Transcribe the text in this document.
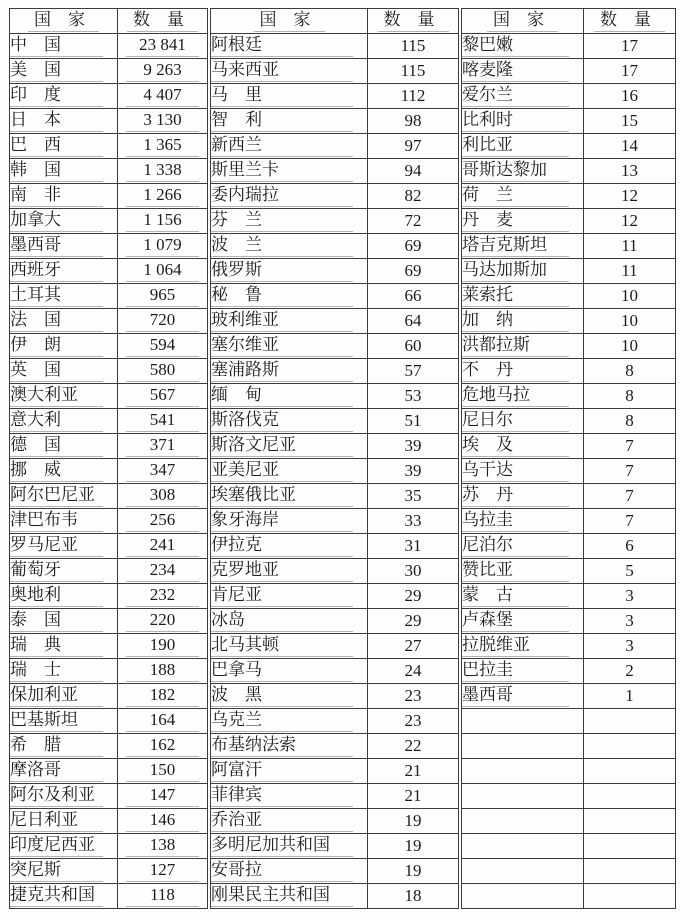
国　家	数　量
中　国	23 841
美　国	9 263
印　度	4 407
日　本	3 130
巴　西	1 365
韩　国	1 338
南　非	1 266
加拿大	1 156
墨西哥	1 079
西班牙	1 064
土耳其	965
法　国	720
伊　朗	594
英　国	580
澳大利亚	567
意大利	541
德　国	371
挪　威	347
阿尔巴尼亚	308
津巴布韦	256
罗马尼亚	241
葡萄牙	234
奥地利	232
泰　国	220
瑞　典	190
瑞　士	188
保加利亚	182
巴基斯坦	164
希　腊	162
摩洛哥	150
阿尔及利亚	147
尼日利亚	146
印度尼西亚	138
突尼斯	127
捷克共和国	118
国　家	数　量
阿根廷	115
马来西亚	115
马　里	112
智　利	98
新西兰	97
斯里兰卡	94
委内瑞拉	82
芬　兰	72
波　兰	69
俄罗斯	69
秘　鲁	66
玻利维亚	64
塞尔维亚	60
塞浦路斯	57
缅　甸	53
斯洛伐克	51
斯洛文尼亚	39
亚美尼亚	39
埃塞俄比亚	35
象牙海岸	33
伊拉克	31
克罗地亚	30
肯尼亚	29
冰岛	29
北马其顿	27
巴拿马	24
波　黑	23
乌克兰	23
布基纳法索	22
阿富汗	21
菲律宾	21
乔治亚	19
多明尼加共和国	19
安哥拉	19
刚果民主共和国	18
国　家	数　量
黎巴嫩	17
喀麦隆	17
爱尔兰	16
比利时	15
利比亚	14
哥斯达黎加	13
荷　兰	12
丹　麦	12
塔吉克斯坦	11
马达加斯加	11
莱索托	10
加　纳	10
洪都拉斯	10
不　丹	8
危地马拉	8
尼日尔	8
埃　及	7
乌干达	7
苏　丹	7
乌拉圭	7
尼泊尔	6
赞比亚	5
蒙　古	3
卢森堡	3
拉脱维亚	3
巴拉圭	2
墨西哥	1
